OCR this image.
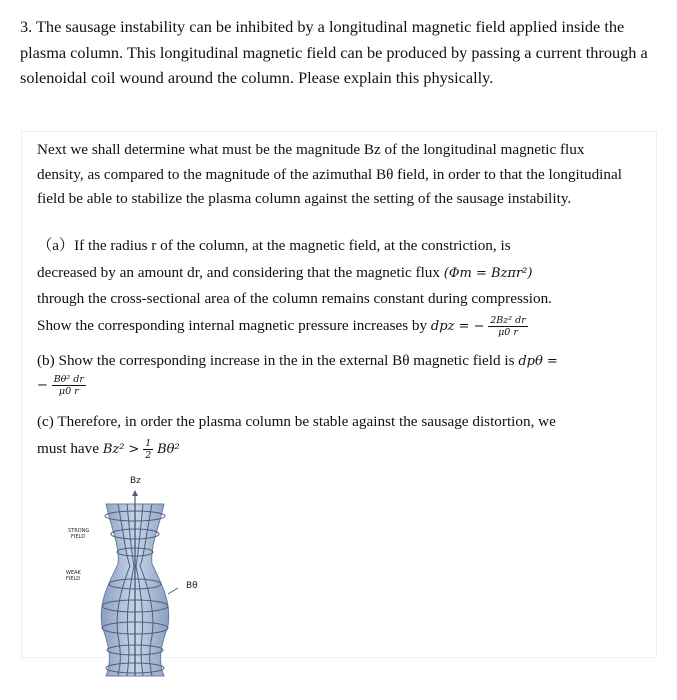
3. The sausage instability can be inhibited by a longitudinal magnetic field applied inside the plasma column. This longitudinal magnetic field can be produced by passing a current through a solenoidal coil wound around the column. Please explain this physically.
Next we shall determine what must be the magnitude Bz of the longitudinal magnetic flux density, as compared to the magnitude of the azimuthal Bθ field, in order to that the longitudinal field be able to stabilize the plasma column against the setting of the sausage instability.
（a）If the radius r of the column, at the magnetic field, at the constriction, is
decreased by an amount dr, and considering that the magnetic flux (Φm = Bzπr²)
through the cross-sectional area of the column remains constant during compression.
Show the corresponding internal magnetic pressure increases by dpz = − $\frac{\text{2Bz² dr}}{\mu 0 r}$
(b) Show the corresponding increase in the in the external Bθ magnetic field is dpθ =
− $\frac{\text{Bθ² dr}}{\mu 0 r}$
(c) Therefore, in order the plasma column be stable against the sausage distortion, we
must have $Bz^2 > \frac{1}{2} B\theta^2$
Bz
Bθ
STRONG
FIELD
WEAK
FIELD
